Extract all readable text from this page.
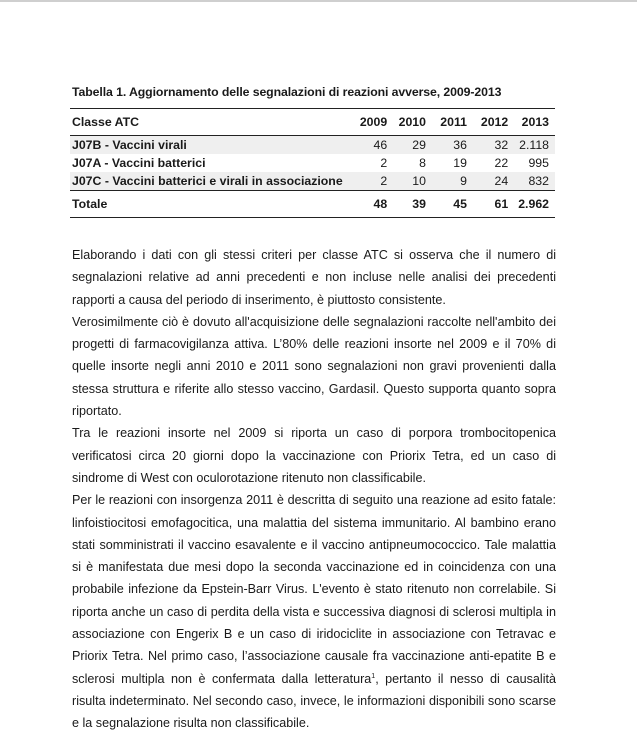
Tabella 1. Aggiornamento delle segnalazioni di reazioni avverse, 2009-2013
Classe ATC	2009	2010	2011	2012	2013
J07B - Vaccini virali	46	29	36	32	2.118
J07A - Vaccini batterici	2	8	19	22	995
J07C - Vaccini batterici e virali in associazione	2	10	9	24	832
Totale	48	39	45	61	2.962

Elaborando i dati con gli stessi criteri per classe ATC si osserva che il numero di segnalazioni relative ad anni precedenti e non incluse nelle analisi dei precedenti rapporti a causa del periodo di inserimento, è piuttosto consistente.

Verosimilmente ciò è dovuto all'acquisizione delle segnalazioni raccolte nell'ambito dei progetti di farmacovigilanza attiva. L’80% delle reazioni insorte nel 2009 e il 70% di quelle insorte negli anni 2010 e 2011 sono segnalazioni non gravi provenienti dalla stessa struttura e riferite allo stesso vaccino, Gardasil. Questo supporta quanto sopra riportato.

Tra le reazioni insorte nel 2009 si riporta un caso di porpora trombocitopenica verificatosi circa 20 giorni dopo la vaccinazione con Priorix Tetra, ed un caso di sindrome di West con oculorotazione ritenuto non classificabile.

Per le reazioni con insorgenza 2011 è descritta di seguito una reazione ad esito fatale: linfoistiocitosi emofagocitica, una malattia del sistema immunitario. Al bambino erano stati somministrati il vaccino esavalente e il vaccino antipneumococcico. Tale malattia si è manifestata due mesi dopo la seconda vaccinazione ed in coincidenza con una probabile infezione da Epstein-Barr Virus. L'evento è stato ritenuto non correlabile. Si riporta anche un caso di perdita della vista e successiva diagnosi di sclerosi multipla in associazione con Engerix B e un caso di iridociclite in associazione con Tetravac e Priorix Tetra. Nel primo caso, l’associazione causale fra vaccinazione anti-epatite B e sclerosi multipla non è confermata dalla letteratura$^1$, pertanto il nesso di causalità risulta indeterminato. Nel secondo caso, invece, le informazioni disponibili sono scarse e la segnalazione risulta non classificabile.
